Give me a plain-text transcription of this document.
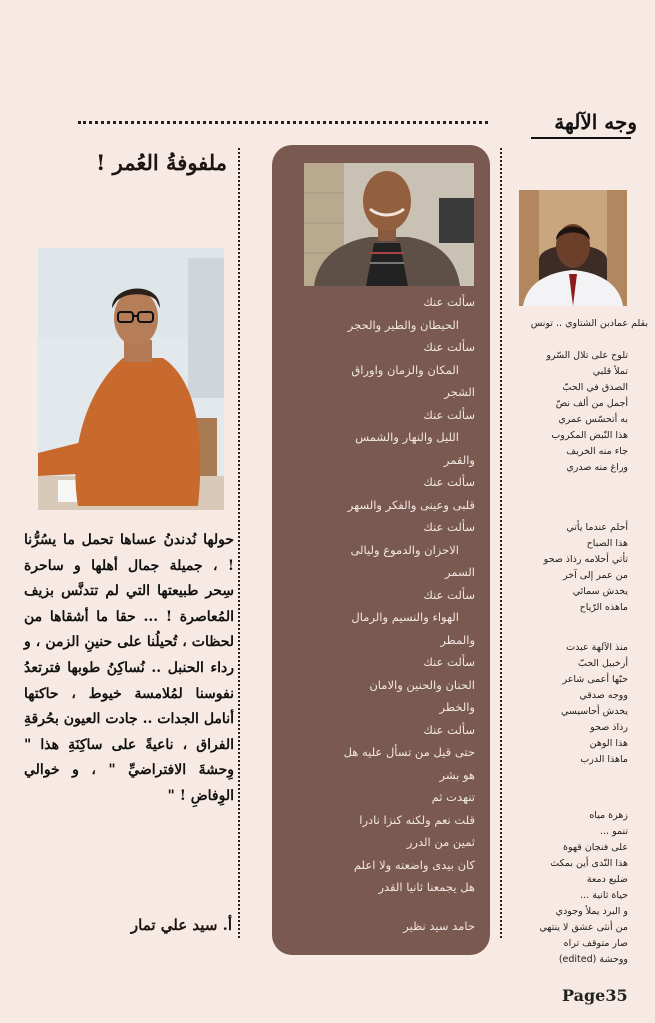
وجه الآلهة
ملفوفةُ العُمر !

حولها نُدندنُ عساها تحمل ما يسُرُّنا ! ، جميلة جمال أهلها و ساحرة سِحر طبيعتها التي لم تتدنَّس بزيف المُعاصرة ! ... حقا ما أشقاها من لحظات ، تُحيلُنا على حنينِ الزمن ، و رداء الحنبل .. نُساكِنُ طوبها فترتعدُ نفوسنا لمُلامسة خيوط ، حاكتها أنامل الجدات .. جادت العيون بحُرقةِ الفراق ، ناعيةً على ساكِنَةِ هذا " وِحشةَ الافتراضيِّ " ، و خوالي الوِفاضِ ! "

أ. سيد علي تمار
سألت عنك
الحيطان والطير والحجر
سألت عنك
المكان والزمان واوراق
الشجر
سألت عنك
الليل والنهار والشمس
والقمر
سألت عنك
قلبى وعينى والفكر والسهر
سألت عنك
الاحزان والدموع وليالى
السمر
سألت عنك
الهواء والنسيم والرمال
والمطر
سألت عنك
الحنان والحنين والامان
والخطر
سألت عنك
حتى قيل من تسأل عليه هل
هو بشر
تنهدت ثم
قلت نعم ولكنه كنزا نادرا
ثمين من الدرر
كان بيدى واضعته ولا اعلم
هل يجمعنا ثانيا القدر
حامد سيد نظير
بقلم عمادبن الشتاوي .. تونس
تلوح على تلال السّرو
تملأ قلبي
الصدق في الحبّ
أجمل من ألف نصّ
به أتحسّس عمري
هذا النّبض المكروب
جاء منه الخريف
وراغ منه صدري
أحلم عندما يأتي
هذا الصباح
تأتي أحلامه رذاذ صحو
من عمر إلى آخر
يخدش سمائي
ماهذه الرّياح
منذ الآلهة عبدت
أرخبيل الحبّ
حبّها أعمى شاعر
ووجه صدقي
يخدش أحاسيسي
رذاذ صحو
هذا الوهن
ماهذا الدرب
زهرة مياه
تنمو ...
على فنجان قهوة
هذا النّدى أين بمكث
ضليع دمعة
حياة ثانية ...
و البرد يملأ وجودي
من أنثى عشق لا ينتهي
صار متوقف تراه
ووحشة (edited)
Page35
